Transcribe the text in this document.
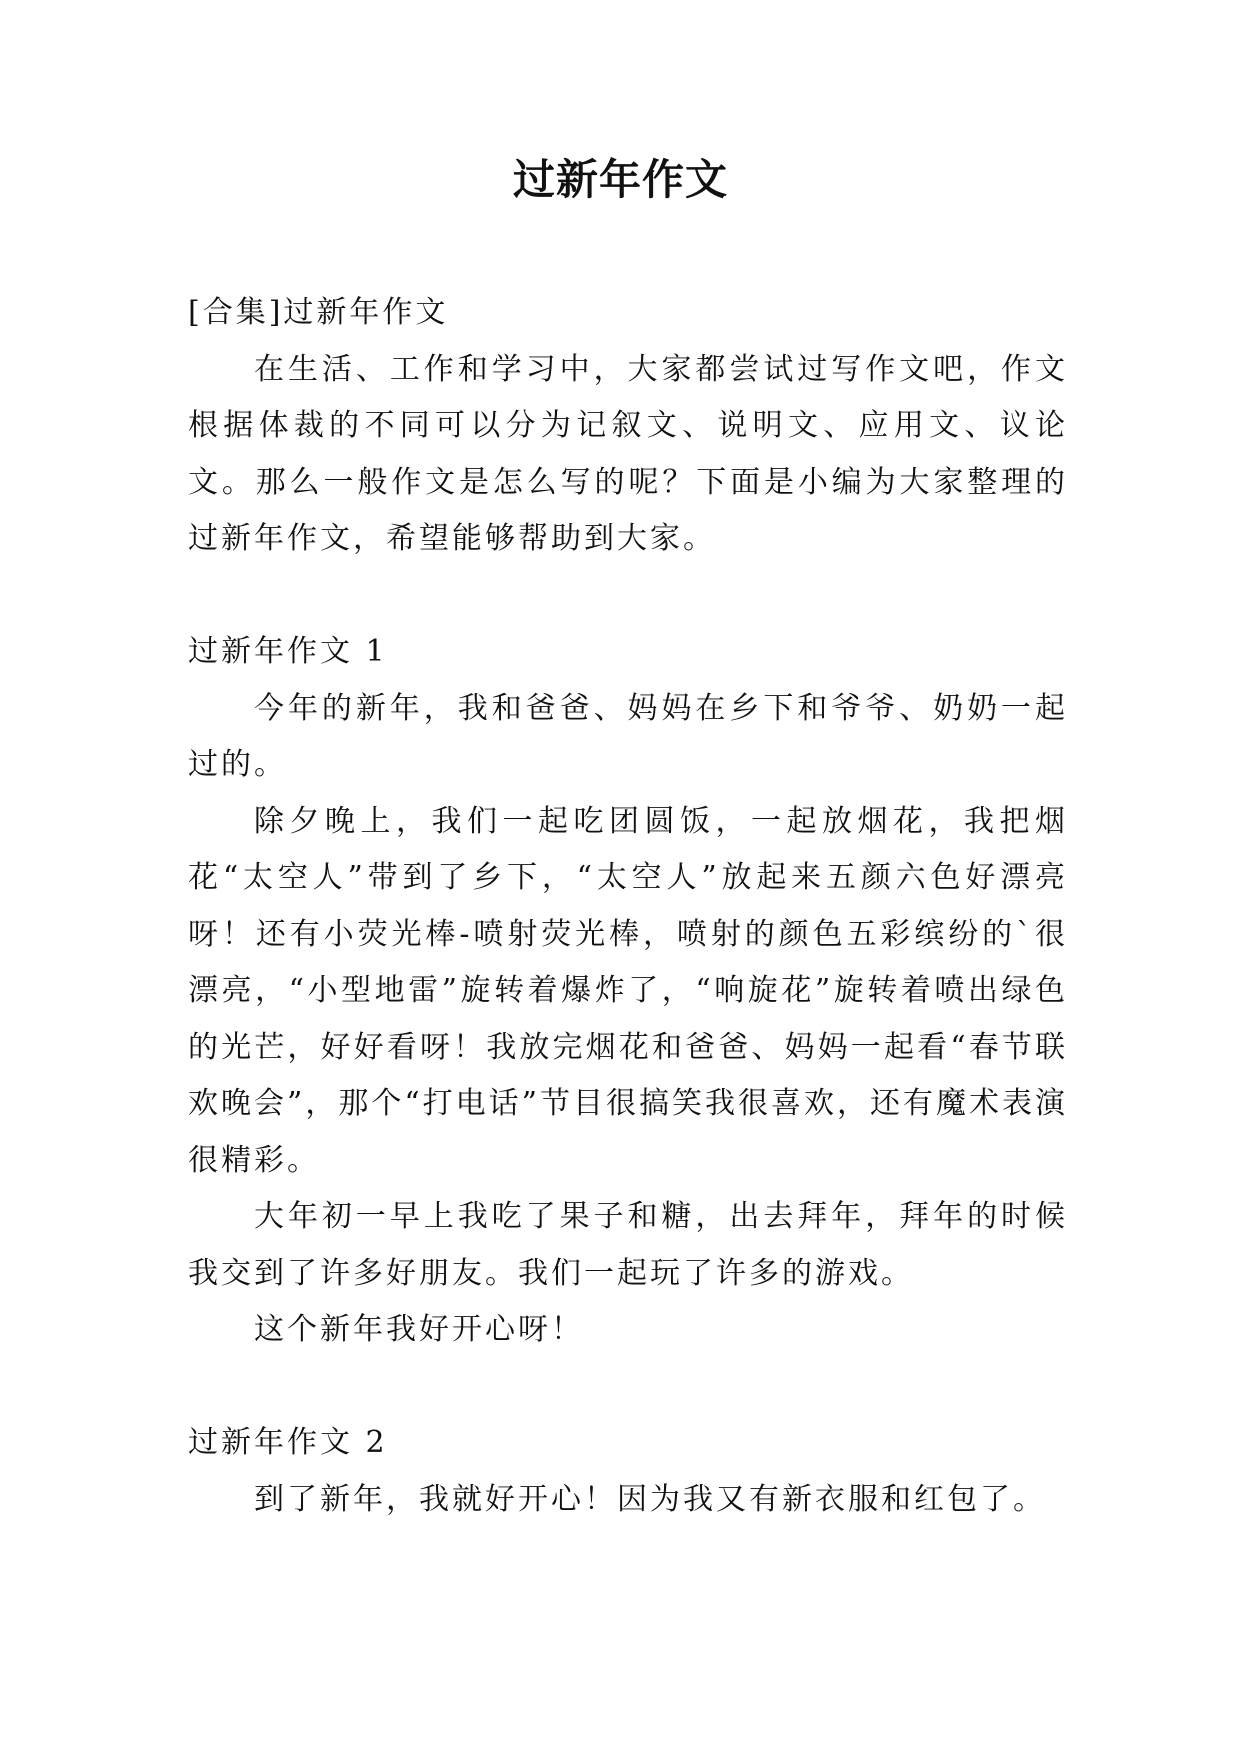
过新年作文

[合集]过新年作文

在生活、工作和学习中，大家都尝试过写作文吧，作文根据体裁的不同可以分为记叙文、说明文、应用文、议论文。那么一般作文是怎么写的呢？下面是小编为大家整理的过新年作文，希望能够帮助到大家。

过新年作文 1

今年的新年，我和爸爸、妈妈在乡下和爷爷、奶奶一起过的。

除夕晚上，我们一起吃团圆饭，一起放烟花，我把烟花“太空人”带到了乡下，“太空人”放起来五颜六色好漂亮呀！还有小荧光棒-喷射荧光棒，喷射的颜色五彩缤纷的`很漂亮，“小型地雷”旋转着爆炸了，“响旋花”旋转着喷出绿色的光芒，好好看呀！我放完烟花和爸爸、妈妈一起看“春节联欢晚会”，那个“打电话”节目很搞笑我很喜欢，还有魔术表演很精彩。

大年初一早上我吃了果子和糖，出去拜年，拜年的时候我交到了许多好朋友。我们一起玩了许多的游戏。

这个新年我好开心呀！

过新年作文 2

到了新年，我就好开心！因为我又有新衣服和红包了。
